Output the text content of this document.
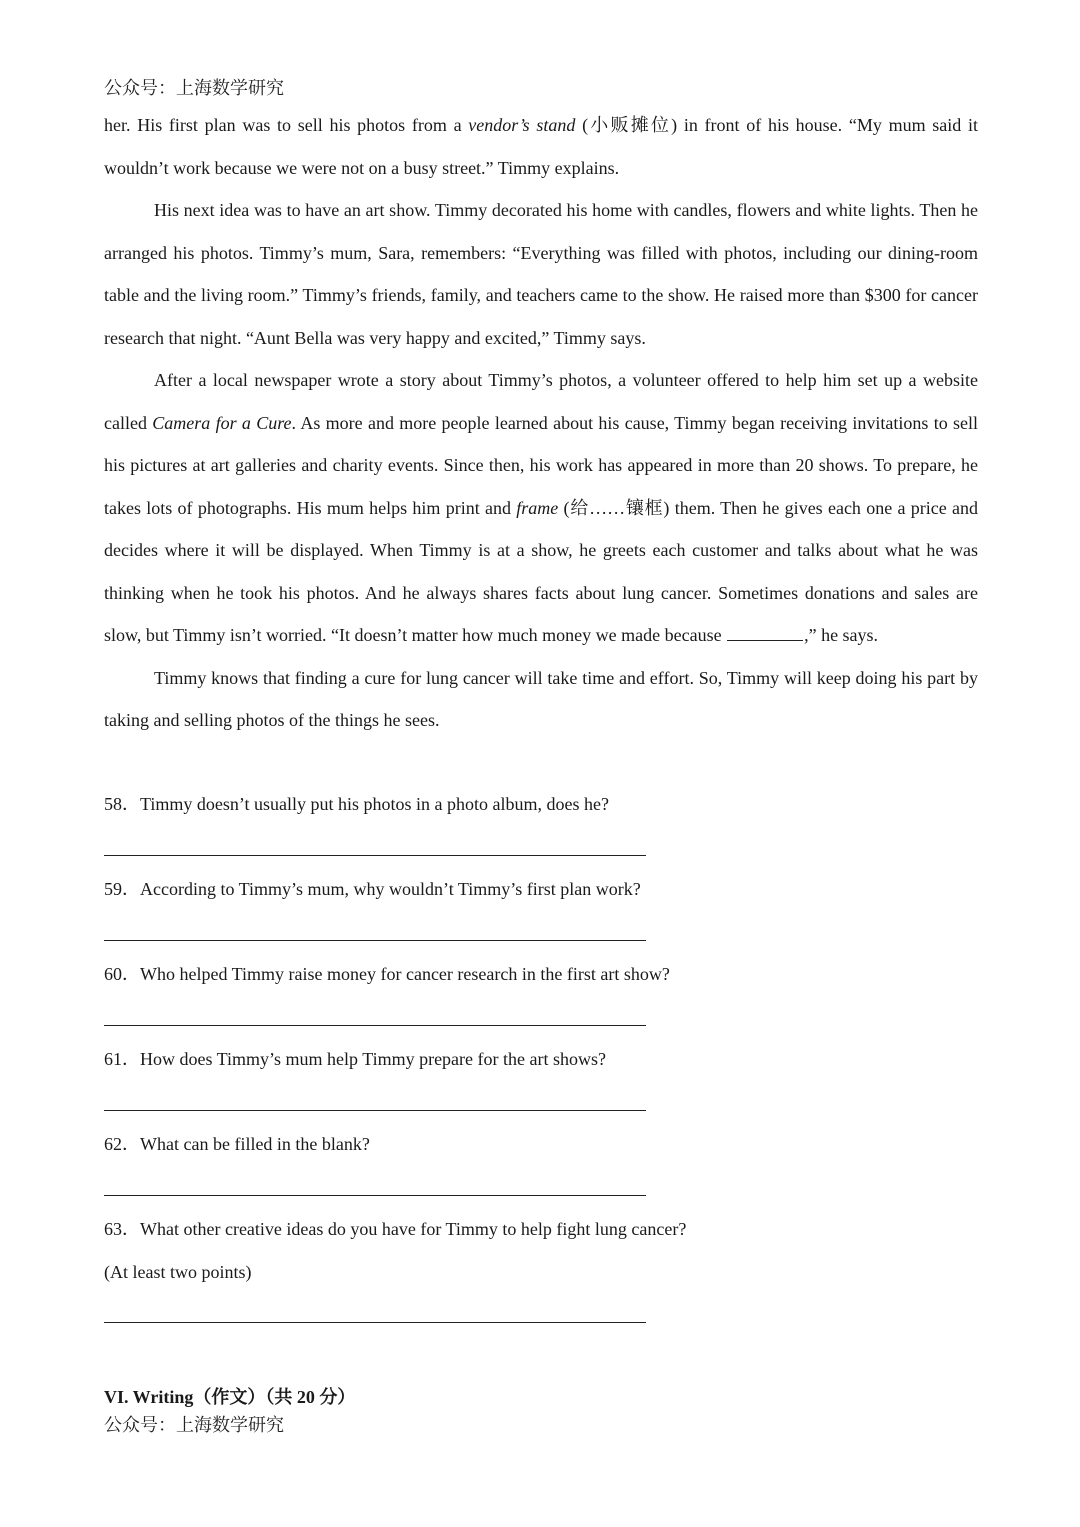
公众号：上海数学研究

her. His first plan was to sell his photos from a vendor’s stand (小贩摊位) in front of his house. “My mum said it wouldn’t work because we were not on a busy street.” Timmy explains.

His next idea was to have an art show. Timmy decorated his home with candles, flowers and white lights. Then he arranged his photos. Timmy’s mum, Sara, remembers: “Everything was filled with photos, including our dining-room table and the living room.” Timmy’s friends, family, and teachers came to the show. He raised more than $300 for cancer research that night. “Aunt Bella was very happy and excited,” Timmy says.

After a local newspaper wrote a story about Timmy’s photos, a volunteer offered to help him set up a website called Camera for a Cure. As more and more people learned about his cause, Timmy began receiving invitations to sell his pictures at art galleries and charity events. Since then, his work has appeared in more than 20 shows. To prepare, he takes lots of photographs. His mum helps him print and frame (给……镶框) them. Then he gives each one a price and decides where it will be displayed. When Timmy is at a show, he greets each customer and talks about what he was thinking when he took his photos. And he always shares facts about lung cancer. Sometimes donations and sales are slow, but Timmy isn’t worried. “It doesn’t matter how much money we made because	,” he says.

Timmy knows that finding a cure for lung cancer will take time and effort. So, Timmy will keep doing his part by taking and selling photos of the things he sees.

58．Timmy doesn’t usually put his photos in a photo album, does he?

59．According to Timmy’s mum, why wouldn’t Timmy’s first plan work?

60．Who helped Timmy raise money for cancer research in the first art show?

61．How does Timmy’s mum help Timmy prepare for the art shows?

62．What can be filled in the blank?

63．What other creative ideas do you have for Timmy to help fight lung cancer?

(At least two points)

VI. Writing（作文）（共 20 分）
公众号：上海数学研究
